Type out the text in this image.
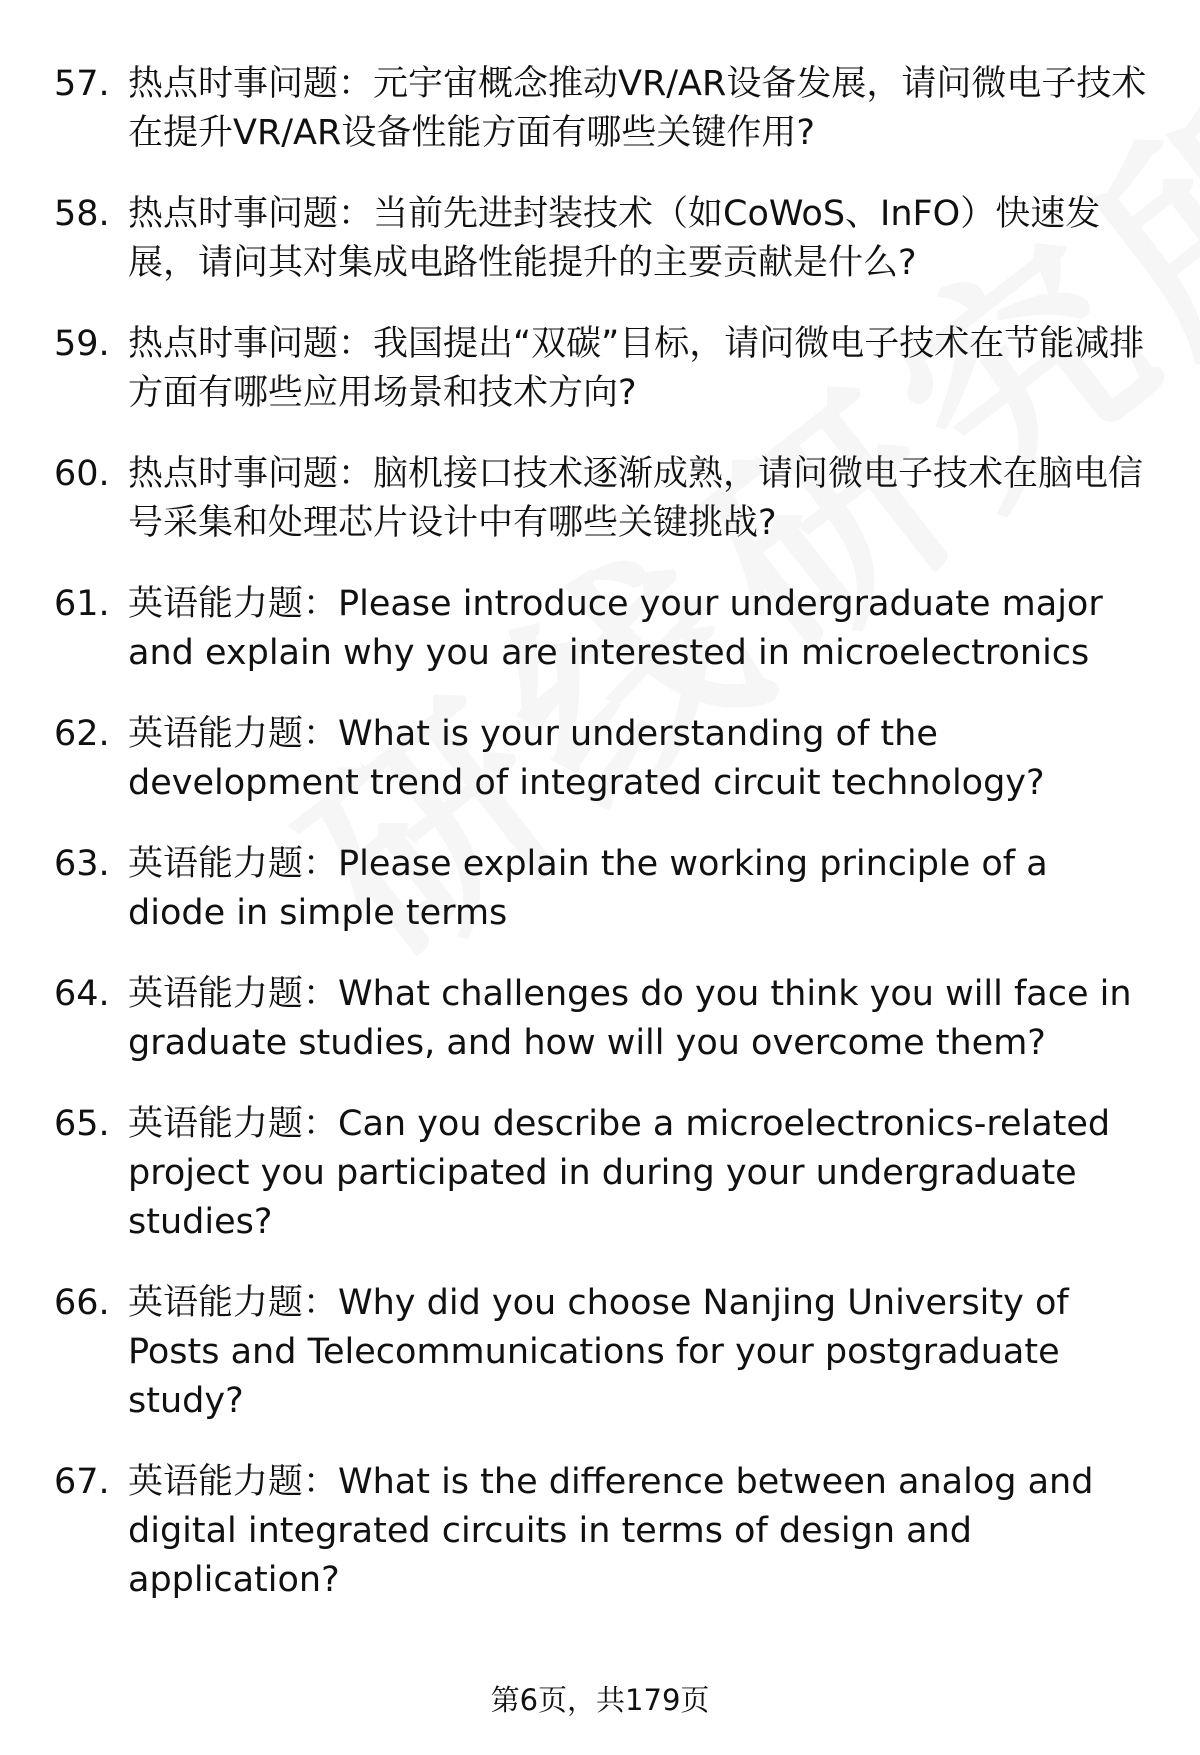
57. 热点时事问题：元宇宙概念推动VR/AR设备发展，请问微电子技术在提升VR/AR设备性能方面有哪些关键作用?
58. 热点时事问题：当前先进封装技术（如CoWoS、InFO）快速发展，请问其对集成电路性能提升的主要贡献是什么?
59. 热点时事问题：我国提出“双碳”目标，请问微电子技术在节能减排方面有哪些应用场景和技术方向?
60. 热点时事问题：脑机接口技术逐渐成熟，请问微电子技术在脑电信号采集和处理芯片设计中有哪些关键挑战?
61. 英语能力题：Please introduce your undergraduate major and explain why you are interested in microelectronics
62. 英语能力题：What is your understanding of the development trend of integrated circuit technology?
63. 英语能力题：Please explain the working principle of a diode in simple terms
64. 英语能力题：What challenges do you think you will face in graduate studies, and how will you overcome them?
65. 英语能力题：Can you describe a microelectronics-related project you participated in during your undergraduate studies?
66. 英语能力题：Why did you choose Nanjing University of Posts and Telecommunications for your postgraduate study?
67. 英语能力题：What is the difference between analog and digital integrated circuits in terms of design and application?
第6页，共179页
